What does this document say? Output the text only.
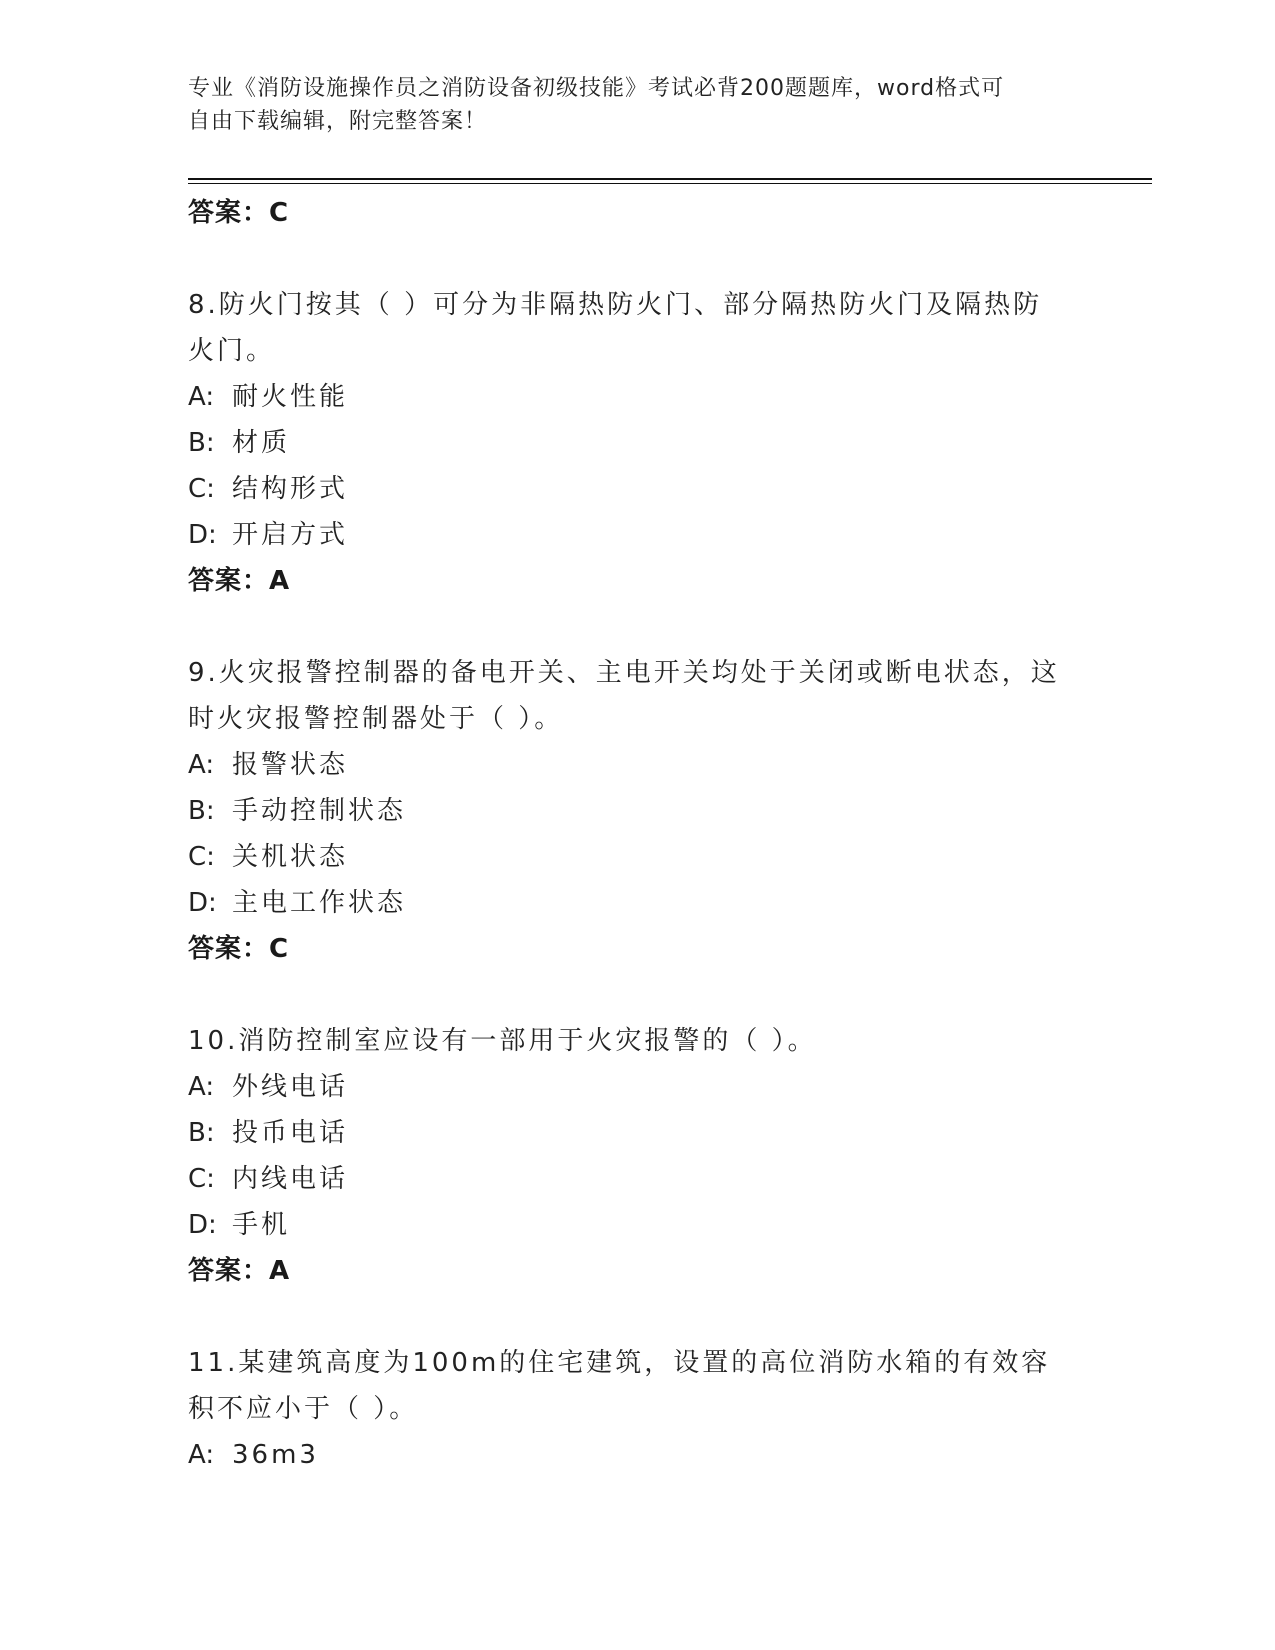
专业《消防设施操作员之消防设备初级技能》考试必背200题题库，word格式可
自由下载编辑，附完整答案！
答案：C
8.防火门按其（ ）可分为非隔热防火门、部分隔热防火门及隔热防火门。
A: 耐火性能
B: 材质
C: 结构形式
D: 开启方式
答案：A
9.火灾报警控制器的备电开关、主电开关均处于关闭或断电状态，这时火灾报警控制器处于（ ）。
A: 报警状态
B: 手动控制状态
C: 关机状态
D: 主电工作状态
答案：C
10.消防控制室应设有一部用于火灾报警的（ ）。
A: 外线电话
B: 投币电话
C: 内线电话
D: 手机
答案：A
11.某建筑高度为100m的住宅建筑，设置的高位消防水箱的有效容积不应小于（ ）。
A: 36m3
